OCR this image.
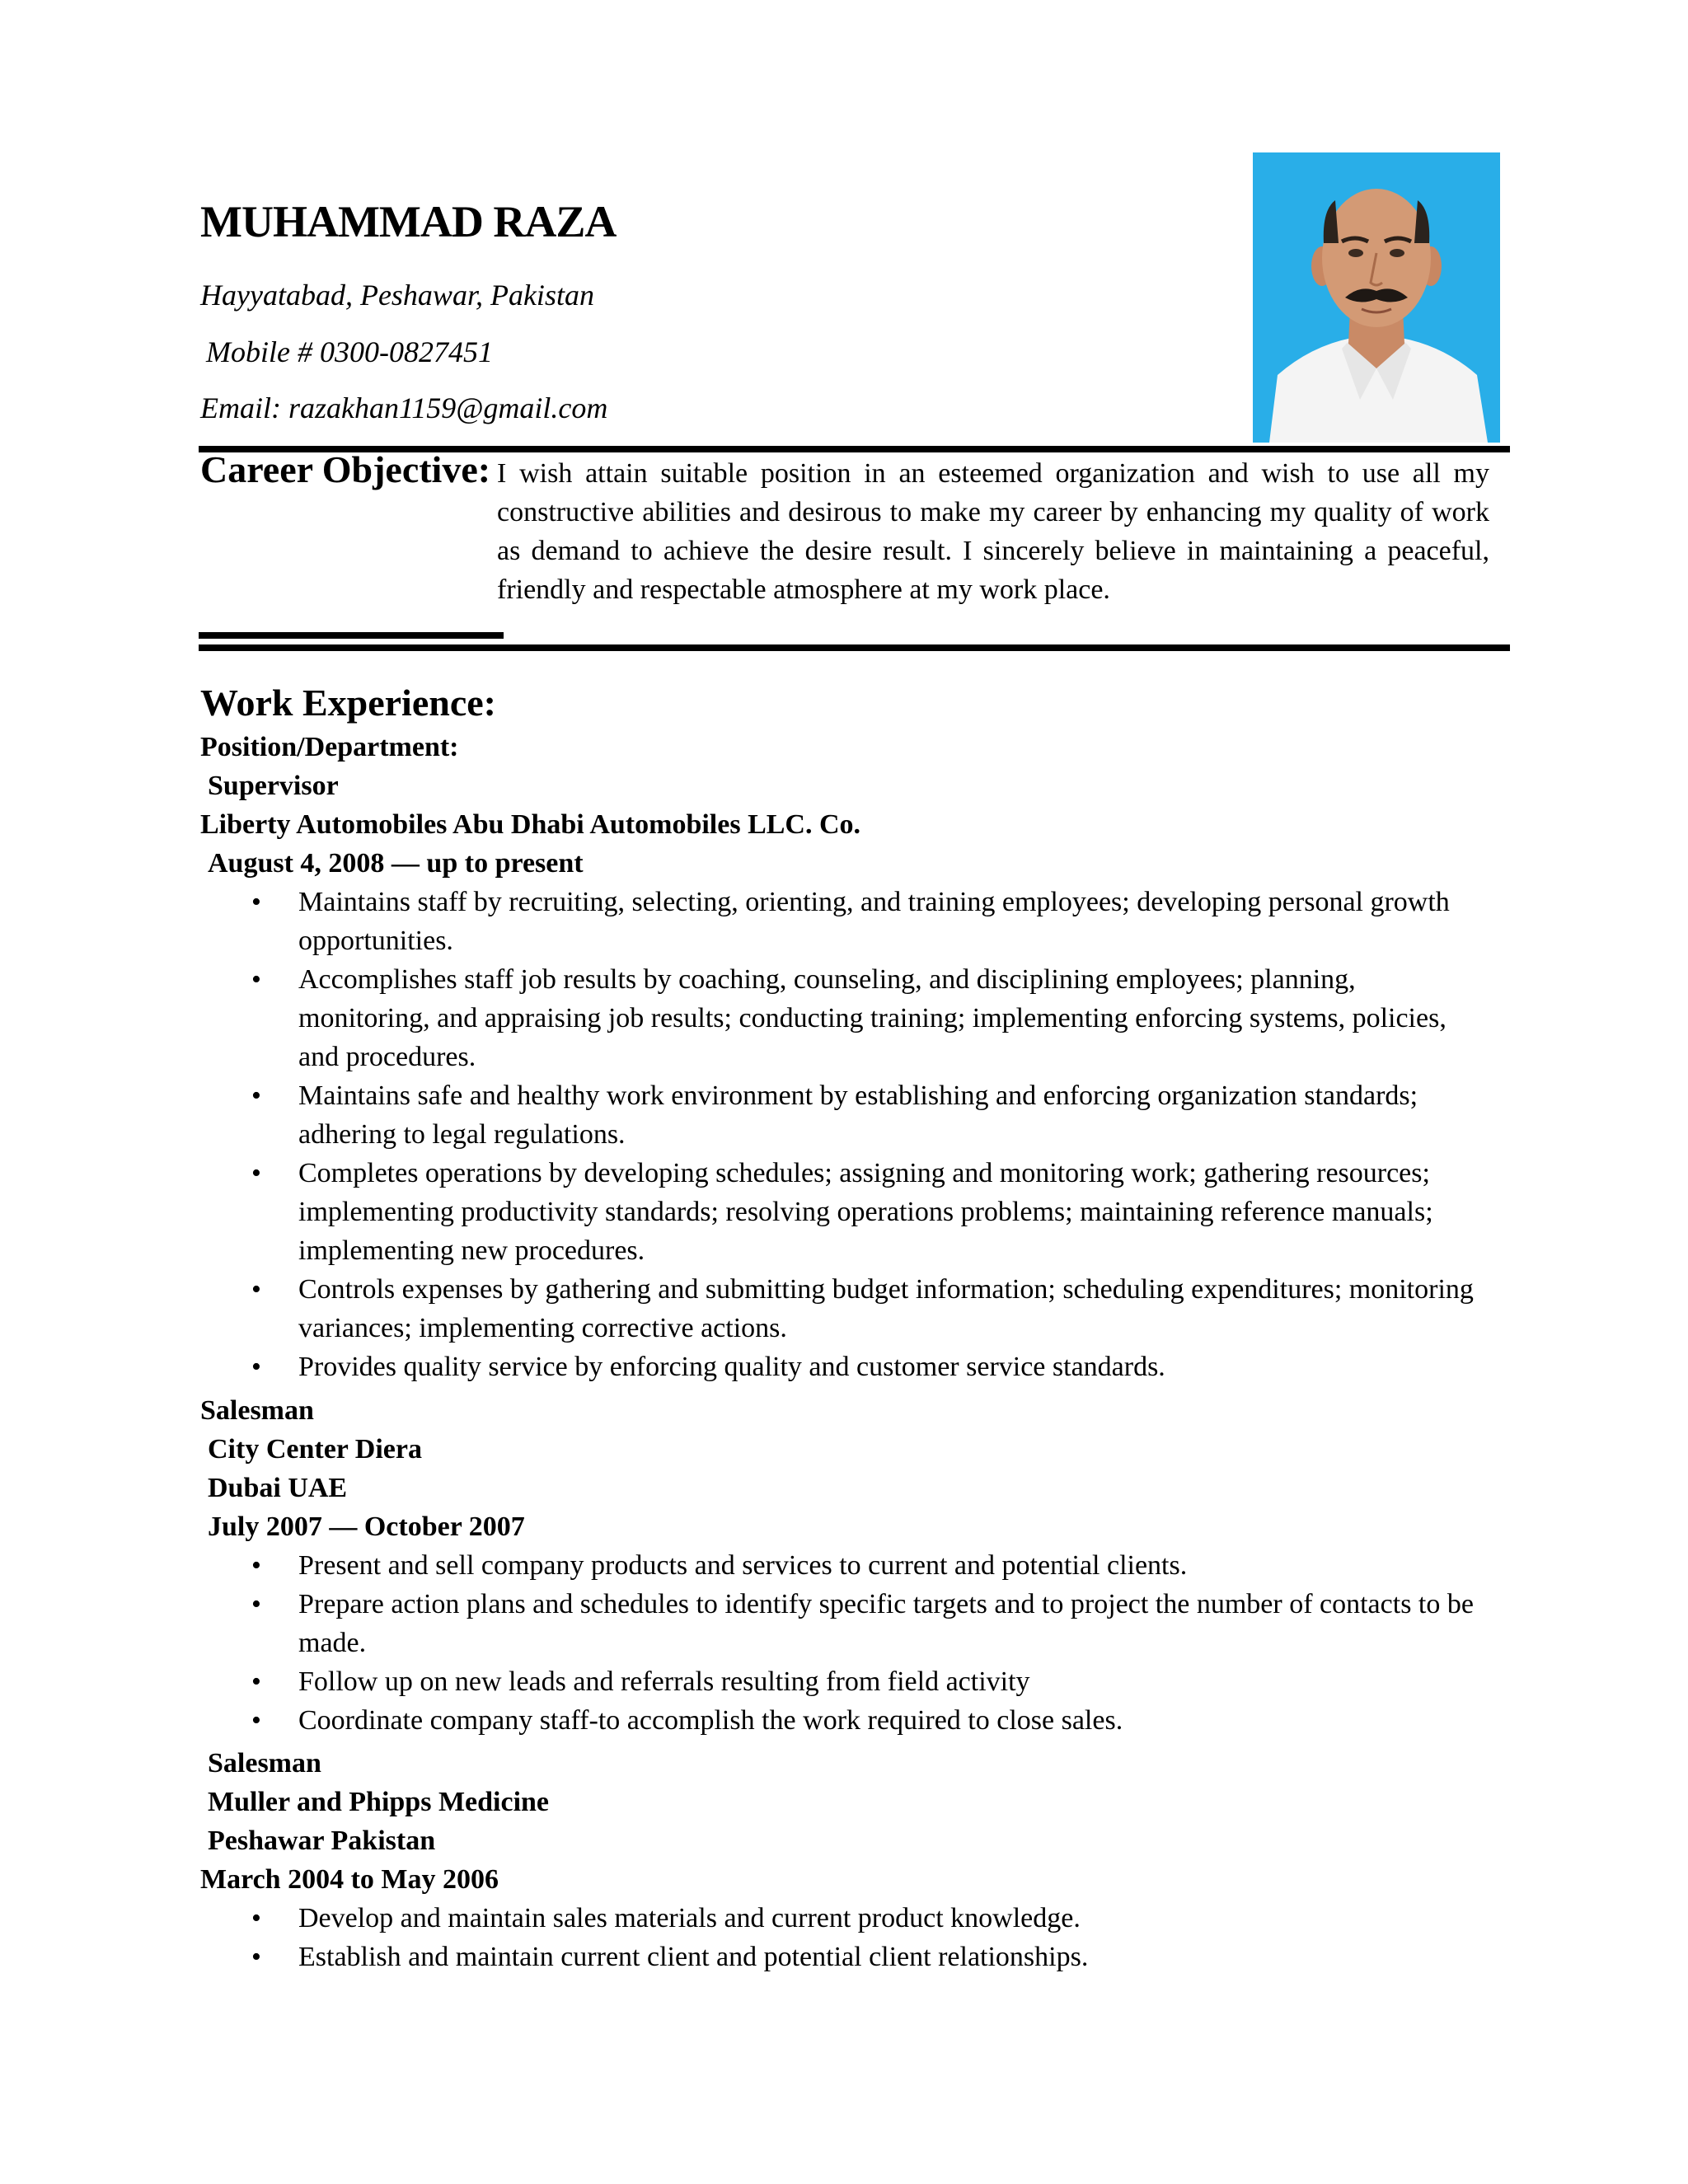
MUHAMMAD RAZA
Hayyatabad, Peshawar, Pakistan
Mobile # 0300-0827451
Email: razakhan1159@gmail.com
Career Objective: I wish attain suitable position in an esteemed organization and wish to use all my constructive abilities and desirous to make my career by enhancing my quality of work as demand to achieve the desire result. I sincerely believe in maintaining a peaceful, friendly and respectable atmosphere at my work place.
Work Experience:
Position/Department:
Supervisor
Liberty Automobiles Abu Dhabi Automobiles LLC. Co.
August 4, 2008 — up to present
• Maintains staff by recruiting, selecting, orienting, and training employees; developing personal growth opportunities.
• Accomplishes staff job results by coaching, counseling, and disciplining employees; planning, monitoring, and appraising job results; conducting training; implementing enforcing systems, policies, and procedures.
• Maintains safe and healthy work environment by establishing and enforcing organization standards; adhering to legal regulations.
• Completes operations by developing schedules; assigning and monitoring work; gathering resources; implementing productivity standards; resolving operations problems; maintaining reference manuals; implementing new procedures.
• Controls expenses by gathering and submitting budget information; scheduling expenditures; monitoring variances; implementing corrective actions.
• Provides quality service by enforcing quality and customer service standards.
Salesman
City Center Diera
Dubai UAE
July 2007 — October 2007
• Present and sell company products and services to current and potential clients.
• Prepare action plans and schedules to identify specific targets and to project the number of contacts to be made.
• Follow up on new leads and referrals resulting from field activity
• Coordinate company staff-to accomplish the work required to close sales.
Salesman
Muller and Phipps Medicine
Peshawar Pakistan
March 2004 to May 2006
• Develop and maintain sales materials and current product knowledge.
• Establish and maintain current client and potential client relationships.
